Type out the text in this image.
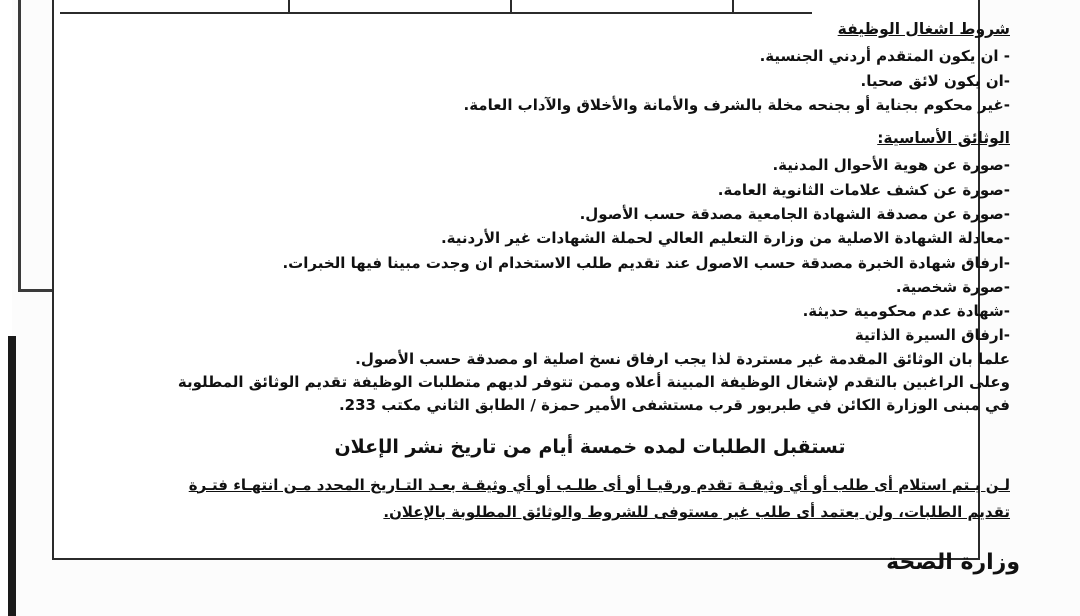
شروط اشغال الوظيفة

- ان يكون المتقدم أردني الجنسية.

-ان يكون لائق صحيا.

-غير محكوم بجناية أو بجنحه مخلة بالشرف والأمانة والأخلاق والآداب العامة.

الوثائق الأساسية:

-صورة عن هوية الأحوال المدنية.

-صورة عن كشف علامات الثانوية العامة.

-صورة عن مصدقة الشهادة الجامعية مصدقة حسب الأصول.

-معادلة الشهادة الاصلية من وزارة التعليم العالي لحملة الشهادات غير الأردنية.

-ارفاق شهادة الخبرة مصدقة حسب الاصول عند تقديم طلب الاستخدام ان وجدت مبينا فيها الخبرات.

-صورة شخصية.

-شهادة عدم محكومية حديثة.

-ارفاق السيرة الذاتية

علما بان الوثائق المقدمة غير مستردة لذا يجب ارفاق نسخ اصلية او مصدقة حسب الأصول.

وعلى الراغبين بالتقدم لإشغال الوظيفة المبينة أعلاه وممن تتوفر لديهم متطلبات الوظيفة تقديم الوثائق المطلوبة

في مبنى الوزارة الكائن في طبربور قرب مستشفى الأمير حمزة / الطابق الثاني مكتب 233.

تستقبل الطلبات لمده خمسة أيام من تاريخ نشر الإعلان
لـن يـتم استلام أى طلب أو أي وثيقـة تقدم ورقيـا أو أى طلـب أو أي وثيقـة بعـد التـاريخ المحدد مـن انتهـاء فتـرة
تقديم الطلبات، ولن يعتمد أى طلب غير مستوفى للشروط والوثائق المطلوبة بالإعلان.
وزارة الصحة
